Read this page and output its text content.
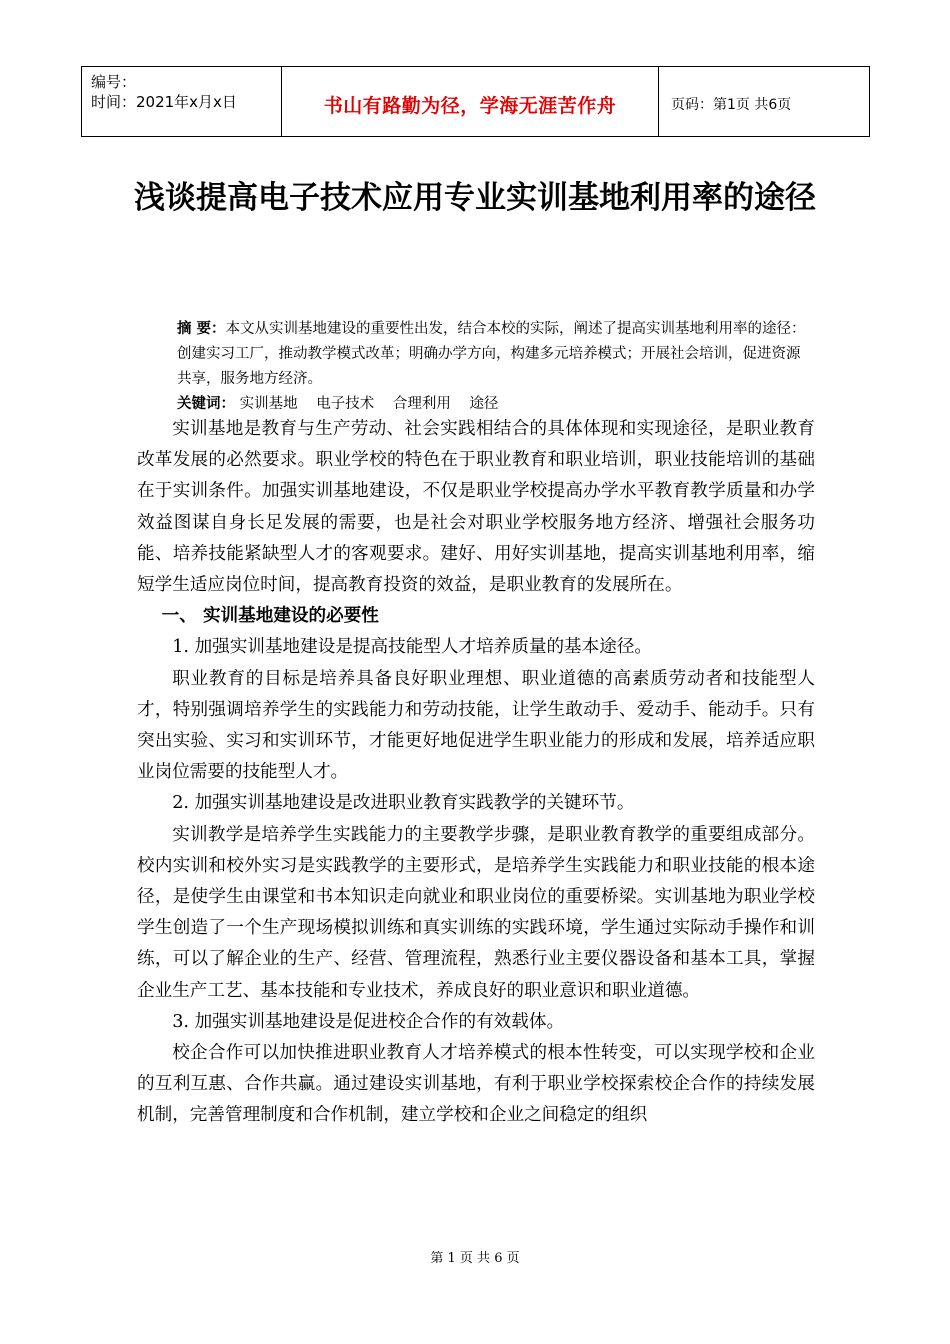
编号：
时间：2021年x月x日	书山有路勤为径，学海无涯苦作舟	页码：第1页 共6页
浅谈提高电子技术应用专业实训基地利用率的途径
摘 要：本文从实训基地建设的重要性出发，结合本校的实际，阐述了提高实训基地利用率的途径：创建实习工厂，推动教学模式改革；明确办学方向，构建多元培养模式；开展社会培训，促进资源共享，服务地方经济。
关键词： 实训基地 电子技术 合理利用 途径

实训基地是教育与生产劳动、社会实践相结合的具体体现和实现途径，是职业教育改革发展的必然要求。职业学校的特色在于职业教育和职业培训，职业技能培训的基础在于实训条件。加强实训基地建设，不仅是职业学校提高办学水平教育教学质量和办学效益图谋自身长足发展的需要，也是社会对职业学校服务地方经济、增强社会服务功能、培养技能紧缺型人才的客观要求。建好、用好实训基地，提高实训基地利用率，缩短学生适应岗位时间，提高教育投资的效益，是职业教育的发展所在。

一、 实训基地建设的必要性

1. 加强实训基地建设是提高技能型人才培养质量的基本途径。

职业教育的目标是培养具备良好职业理想、职业道德的高素质劳动者和技能型人才，特别强调培养学生的实践能力和劳动技能，让学生敢动手、爱动手、能动手。只有突出实验、实习和实训环节，才能更好地促进学生职业能力的形成和发展，培养适应职业岗位需要的技能型人才。

2. 加强实训基地建设是改进职业教育实践教学的关键环节。

实训教学是培养学生实践能力的主要教学步骤，是职业教育教学的重要组成部分。校内实训和校外实习是实践教学的主要形式，是培养学生实践能力和职业技能的根本途径，是使学生由课堂和书本知识走向就业和职业岗位的重要桥梁。实训基地为职业学校学生创造了一个生产现场模拟训练和真实训练的实践环境，学生通过实际动手操作和训练，可以了解企业的生产、经营、管理流程，熟悉行业主要仪器设备和基本工具，掌握企业生产工艺、基本技能和专业技术，养成良好的职业意识和职业道德。

3. 加强实训基地建设是促进校企合作的有效载体。

校企合作可以加快推进职业教育人才培养模式的根本性转变，可以实现学校和企业的互利互惠、合作共赢。通过建设实训基地，有利于职业学校探索校企合作的持续发展机制，完善管理制度和合作机制，建立学校和企业之间稳定的组织

第 1 页 共 6 页
